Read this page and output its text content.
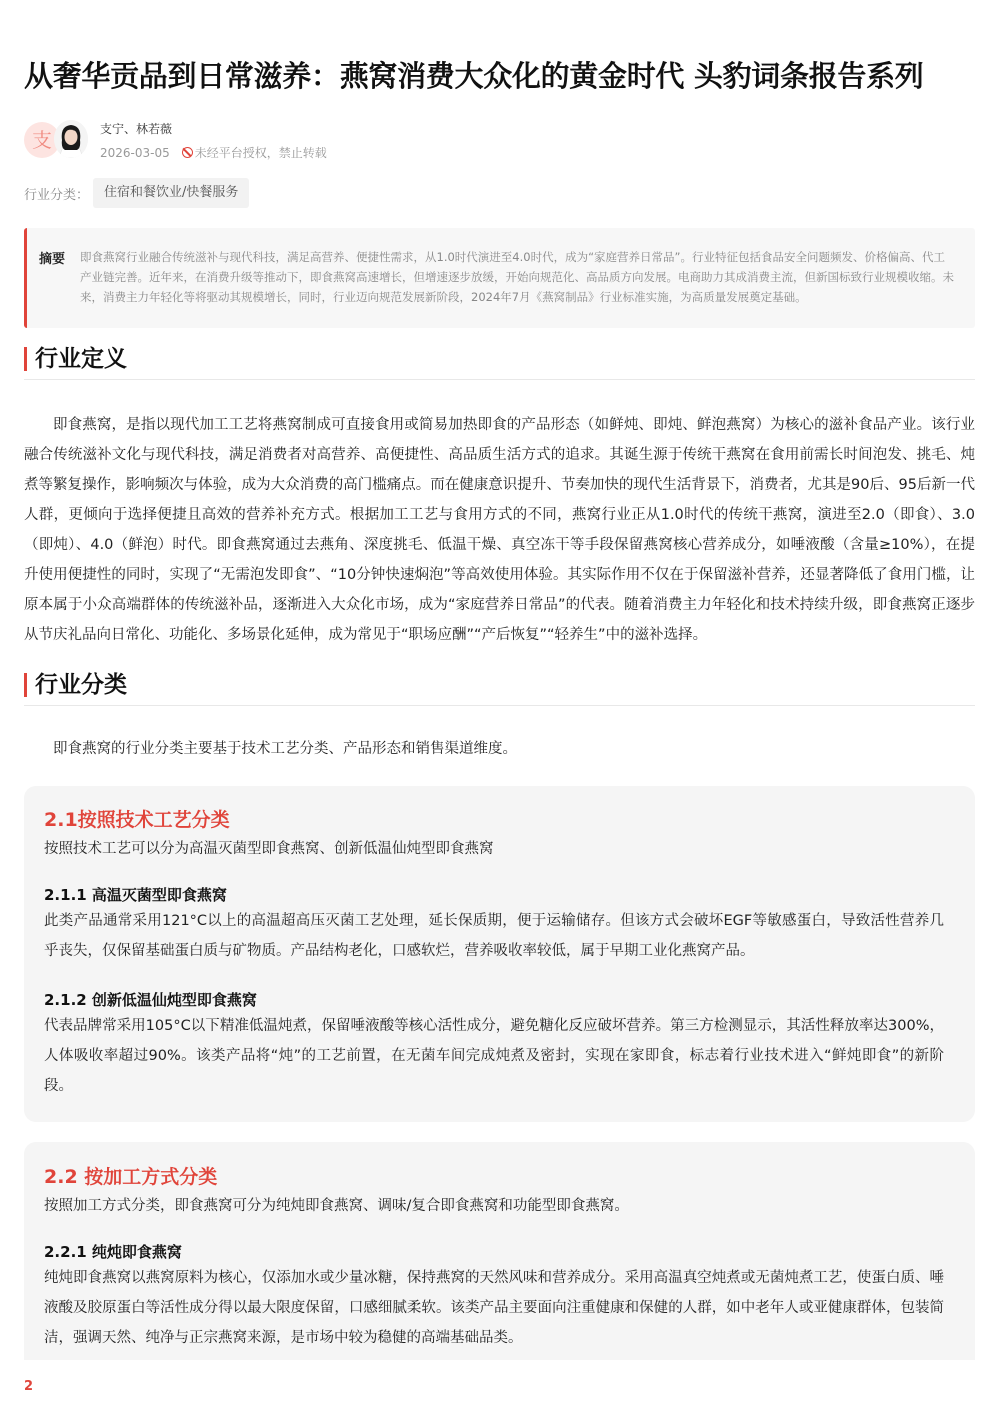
从奢华贡品到日常滋养：燕窝消费大众化的黄金时代 头豹词条报告系列
支	支宁、林若薇
2026-03-05 未经平台授权，禁止转载
行业分类：	住宿和餐饮业/快餐服务
摘要 即食燕窝行业融合传统滋补与现代科技，满足高营养、便捷性需求，从1.0时代演进至4.0时代，成为“家庭营养日常品”。行业特征包括食品安全问题频发、价格偏高、代工产业链完善。近年来，在消费升级等推动下，即食燕窝高速增长，但增速逐步放缓，开始向规范化、高品质方向发展。电商助力其成消费主流，但新国标致行业规模收缩。未来，消费主力年轻化等将驱动其规模增长，同时，行业迈向规范发展新阶段，2024年7月《燕窝制品》行业标准实施，为高质量发展奠定基础。
行业定义
即食燕窝，是指以现代加工工艺将燕窝制成可直接食用或简易加热即食的产品形态（如鲜炖、即炖、鲜泡燕窝）为核心的滋补食品产业。该行业融合传统滋补文化与现代科技，满足消费者对高营养、高便捷性、高品质生活方式的追求。其诞生源于传统干燕窝在食用前需长时间泡发、挑毛、炖煮等繁复操作，影响频次与体验，成为大众消费的高门槛痛点。而在健康意识提升、节奏加快的现代生活背景下，消费者，尤其是90后、95后新一代人群，更倾向于选择便捷且高效的营养补充方式。根据加工工艺与食用方式的不同，燕窝行业正从1.0时代的传统干燕窝，演进至2.0（即食）、3.0（即炖）、4.0（鲜泡）时代。即食燕窝通过去燕角、深度挑毛、低温干燥、真空冻干等手段保留燕窝核心营养成分，如唾液酸（含量≥10%），在提升使用便捷性的同时，实现了“无需泡发即食”、“10分钟快速焖泡”等高效使用体验。其实际作用不仅在于保留滋补营养，还显著降低了食用门槛，让原本属于小众高端群体的传统滋补品，逐渐进入大众化市场，成为“家庭营养日常品”的代表。随着消费主力年轻化和技术持续升级，即食燕窝正逐步从节庆礼品向日常化、功能化、多场景化延伸，成为常见于“职场应酬”“产后恢复”“轻养生”中的滋补选择。
行业分类
即食燕窝的行业分类主要基于技术工艺分类、产品形态和销售渠道维度。
2.1按照技术工艺分类
按照技术工艺可以分为高温灭菌型即食燕窝、创新低温仙炖型即食燕窝
2.1.1 高温灭菌型即食燕窝
此类产品通常采用121°C以上的高温超高压灭菌工艺处理，延长保质期，便于运输储存。但该方式会破坏EGF等敏感蛋白，导致活性营养几乎丧失，仅保留基础蛋白质与矿物质。产品结构老化，口感软烂，营养吸收率较低，属于早期工业化燕窝产品。
2.1.2 创新低温仙炖型即食燕窝
代表品牌常采用105°C以下精准低温炖煮，保留唾液酸等核心活性成分，避免糖化反应破坏营养。第三方检测显示，其活性释放率达300%，人体吸收率超过90%。该类产品将“炖”的工艺前置，在无菌车间完成炖煮及密封，实现在家即食，标志着行业技术进入“鲜炖即食”的新阶段。
2.2 按加工方式分类
按照加工方式分类，即食燕窝可分为纯炖即食燕窝、调味/复合即食燕窝和功能型即食燕窝。
2.2.1 纯炖即食燕窝
纯炖即食燕窝以燕窝原料为核心，仅添加水或少量冰糖，保持燕窝的天然风味和营养成分。采用高温真空炖煮或无菌炖煮工艺，使蛋白质、唾液酸及胶原蛋白等活性成分得以最大限度保留，口感细腻柔软。该类产品主要面向注重健康和保健的人群，如中老年人或亚健康群体，包装简洁，强调天然、纯净与正宗燕窝来源，是市场中较为稳健的高端基础品类。
2
